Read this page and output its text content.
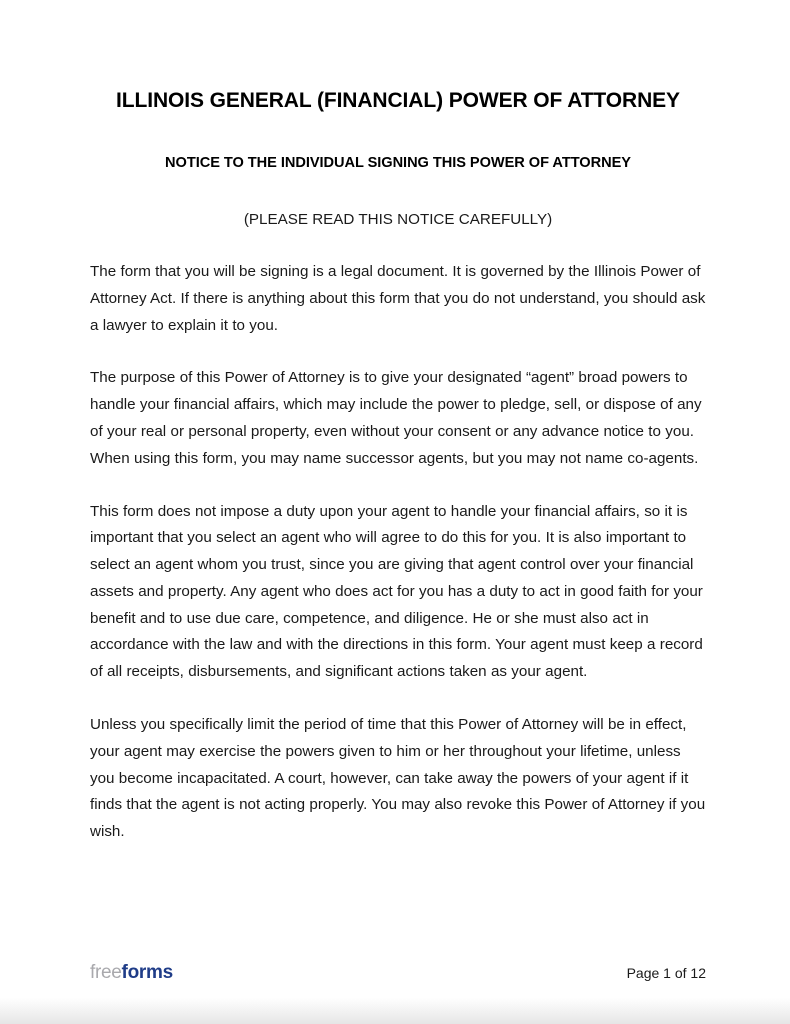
ILLINOIS GENERAL (FINANCIAL) POWER OF ATTORNEY
NOTICE TO THE INDIVIDUAL SIGNING THIS POWER OF ATTORNEY

(PLEASE READ THIS NOTICE CAREFULLY)

The form that you will be signing is a legal document. It is governed by the Illinois Power of Attorney Act. If there is anything about this form that you do not understand, you should ask a lawyer to explain it to you.

The purpose of this Power of Attorney is to give your designated “agent” broad powers to handle your financial affairs, which may include the power to pledge, sell, or dispose of any of your real or personal property, even without your consent or any advance notice to you. When using this form, you may name successor agents, but you may not name co-agents.

This form does not impose a duty upon your agent to handle your financial affairs, so it is important that you select an agent who will agree to do this for you. It is also important to select an agent whom you trust, since you are giving that agent control over your financial assets and property. Any agent who does act for you has a duty to act in good faith for your benefit and to use due care, competence, and diligence. He or she must also act in accordance with the law and with the directions in this form. Your agent must keep a record of all receipts, disbursements, and significant actions taken as your agent.

Unless you specifically limit the period of time that this Power of Attorney will be in effect, your agent may exercise the powers given to him or her throughout your lifetime, unless you become incapacitated. A court, however, can take away the powers of your agent if it finds that the agent is not acting properly. You may also revoke this Power of Attorney if you wish.

freeforms	Page 1 of 12
